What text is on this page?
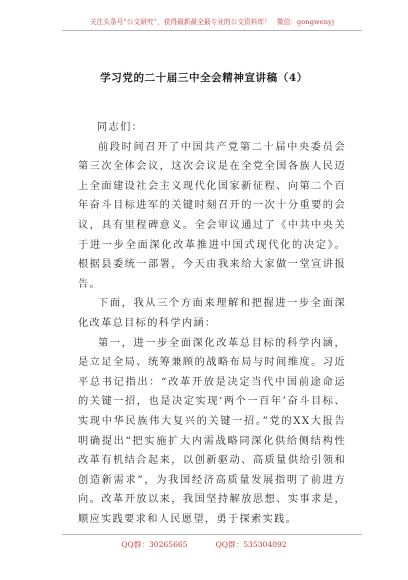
关注头条号“公文研究”，获得最新最全最专业的公文资料库！ 微信：gongwenyj
学习党的二十届三中全会精神宣讲稿（4）

同志们：

前段时间召开了中国共产党第二十届中央委员会第三次全体会议，这次会议是在全党全国各族人民迈上全面建设社会主义现代化国家新征程、向第二个百年奋斗目标进军的关键时刻召开的一次十分重要的会议，具有里程碑意义。全会审议通过了《中共中央关于进一步全面深化改革推进中国式现代化的决定》。根据县委统一部署，今天由我来给大家做一堂宣讲报告。

下面，我从三个方面来理解和把握进一步全面深化改革总目标的科学内涵：

第一，进一步全面深化改革总目标的科学内涵，是立足全局、统筹兼顾的战略布局与时间维度。习近平总书记指出：“改革开放是决定当代中国前途命运的关键一招，也是决定实现‘两个一百年’奋斗目标、实现中华民族伟大复兴的关键一招。”党的XX大报告明确提出“把实施扩大内需战略同深化供给侧结构性改革有机结合起来，以创新驱动、高质量供给引领和创造新需求”，为我国经济高质量发展指明了前进方向。改革开放以来，我国坚持解放思想、实事求是，顺应实践要求和人民愿望，勇于探索实践。

QQ群：30265665	QQ群：535304092
